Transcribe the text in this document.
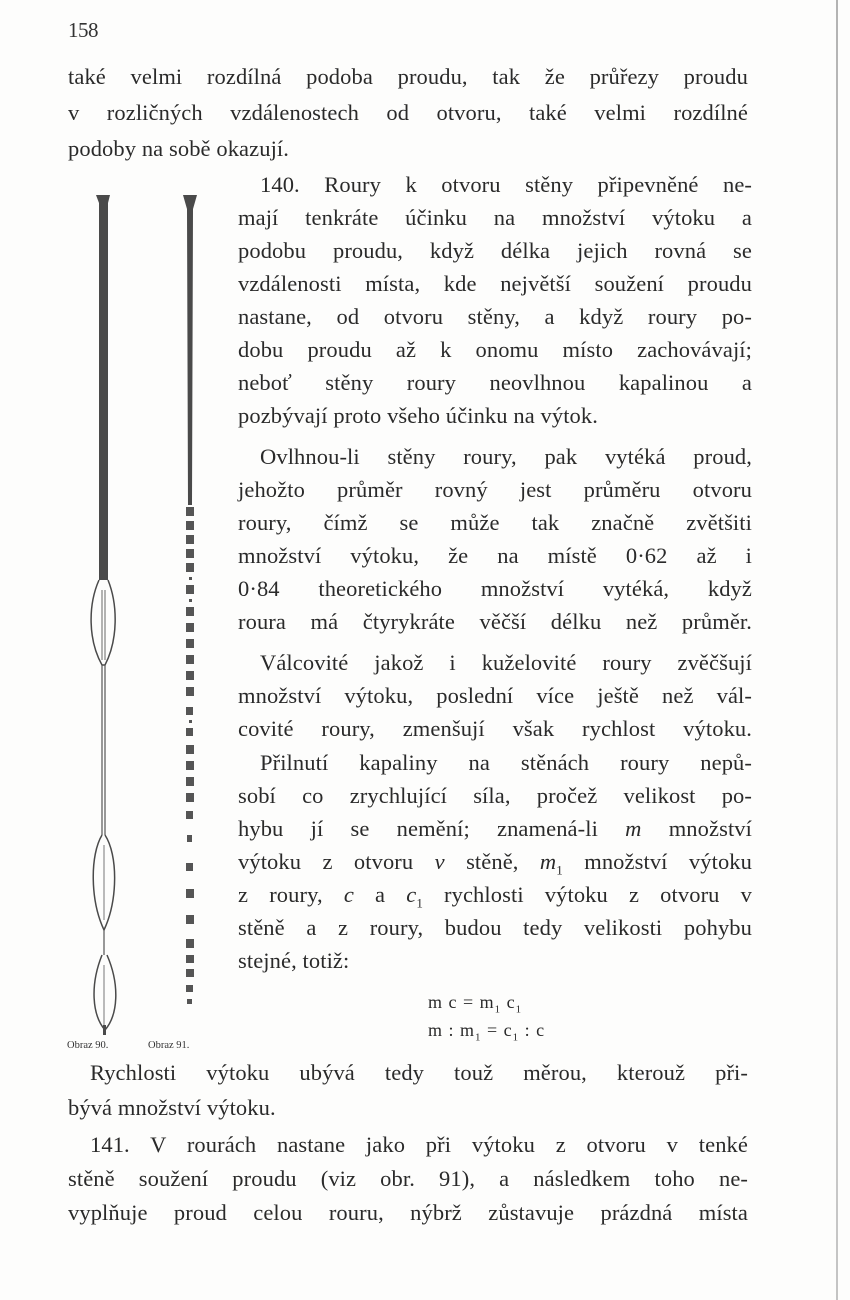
158
také velmi rozdílná podoba proudu, tak že průřezy proudu
v rozličných vzdálenostech od otvoru, také velmi rozdílné
podoby na sobě okazují.
140. Roury k otvoru stěny připevněné ne-
mají tenkráte účinku na množství výtoku a
podobu proudu, když délka jejich rovná se
vzdálenosti místa, kde největší soužení proudu
nastane, od otvoru stěny, a když roury po-
dobu proudu až k onomu místo zachovávají;
neboť stěny roury neovlhnou kapalinou a
pozbývají proto všeho účinku na výtok.
Ovlhnou-li stěny roury, pak vytéká proud,
jehožto průměr rovný jest průměru otvoru
roury, čímž se může tak značně zvětšiti
množství výtoku, že na místě 0·62 až i
0·84 theoretického množství vytéká, když
roura má čtyrykráte věčší délku než průměr.
Válcovité jakož i kuželovité roury zvěčšují
množství výtoku, poslední více ještě než vál-
covité roury, zmenšují však rychlost výtoku.
Přilnutí kapaliny na stěnách roury nepů-
sobí co zrychlující síla, pročež velikost po-
hybu jí se nemění; znamená-li m množství
výtoku z otvoru v stěně, $m_1$ množství výtoku
z roury, c a $c_1$ rychlosti výtoku z otvoru v
stěně a z roury, budou tedy velikosti pohybu
stejné, totiž:
m $c = m_1$ $c_1$
m : $m_1 = c_1$ : c
Obraz 90.	Obraz 91.
Rychlosti výtoku ubývá tedy touž měrou, kterouž při-
bývá množství výtoku.
141. V rourách nastane jako při výtoku z otvoru v tenké
stěně soužení proudu (viz obr. 91), a následkem toho ne-
vyplňuje proud celou rouru, nýbrž zůstavuje prázdná místa
